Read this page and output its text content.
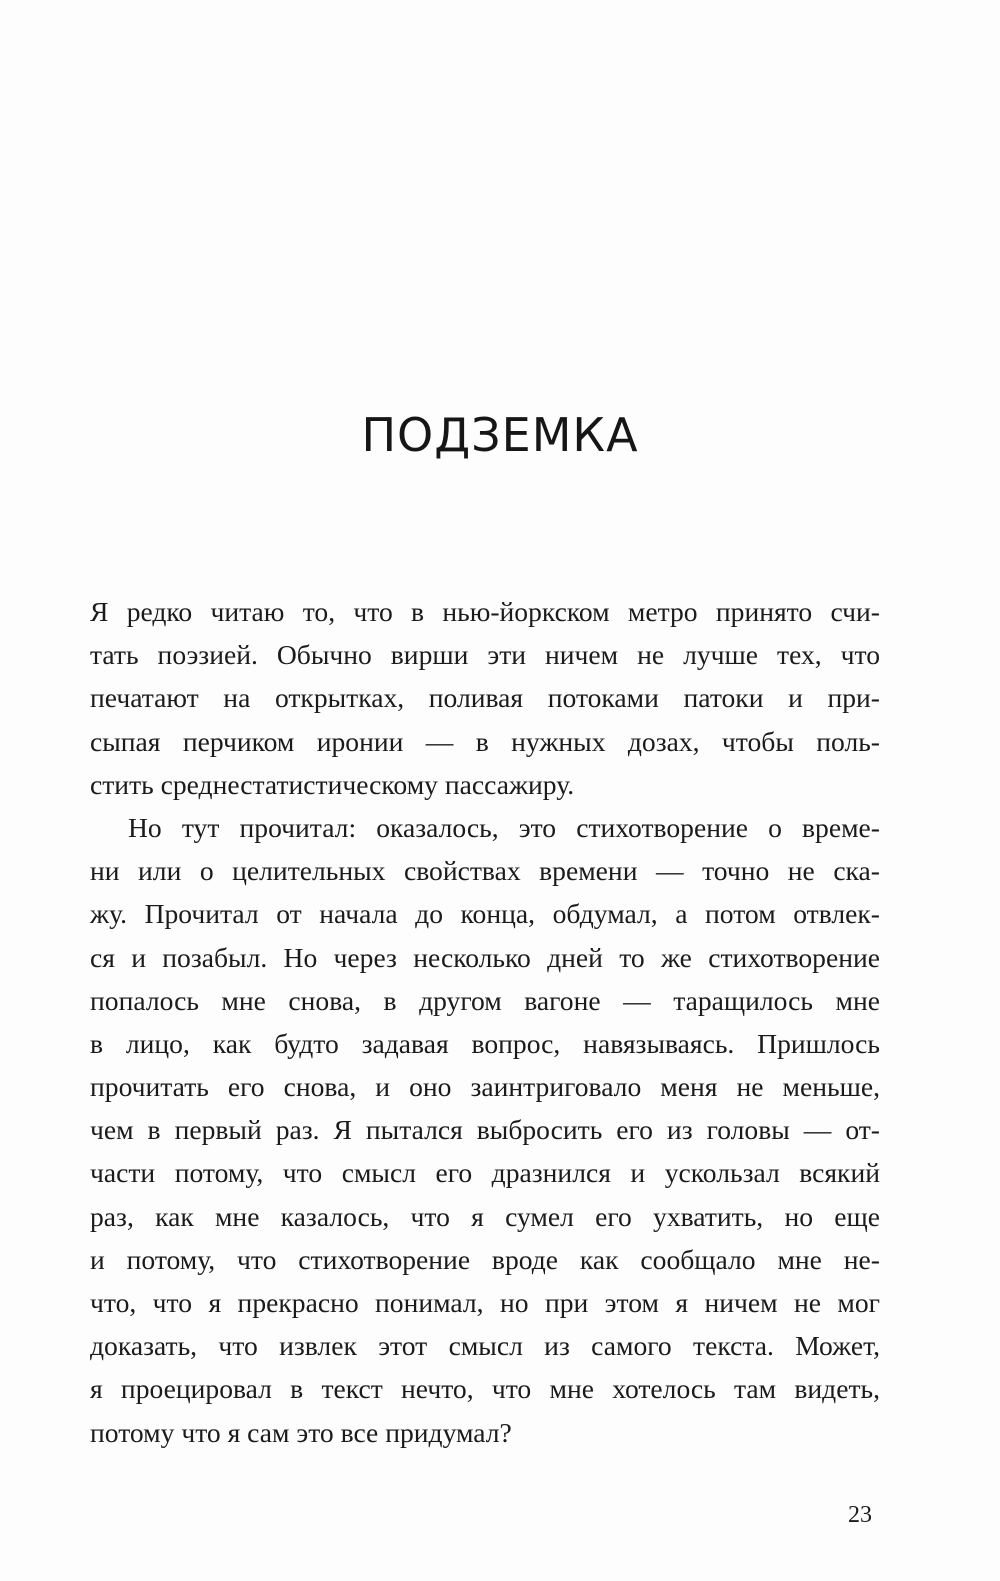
ПОДЗЕМКА
Я редко читаю то, что в нью-йоркском метро принято счи-
тать поэзией. Обычно вирши эти ничем не лучше тех, что
печатают на открытках, поливая потоками патоки и при-
сыпая перчиком иронии — в нужных дозах, чтобы поль-
стить среднестатистическому пассажиру.
Но тут прочитал: оказалось, это стихотворение о време-
ни или о целительных свойствах времени — точно не ска-
жу. Прочитал от начала до конца, обдумал, а потом отвлек-
ся и позабыл. Но через несколько дней то же стихотворение
попалось мне снова, в другом вагоне — таращилось мне
в лицо, как будто задавая вопрос, навязываясь. Пришлось
прочитать его снова, и оно заинтриговало меня не меньше,
чем в первый раз. Я пытался выбросить его из головы — от-
части потому, что смысл его дразнился и ускользал всякий
раз, как мне казалось, что я сумел его ухватить, но еще
и потому, что стихотворение вроде как сообщало мне не-
что, что я прекрасно понимал, но при этом я ничем не мог
доказать, что извлек этот смысл из самого текста. Может,
я проецировал в текст нечто, что мне хотелось там видеть,
потому что я сам это все придумал?
23
